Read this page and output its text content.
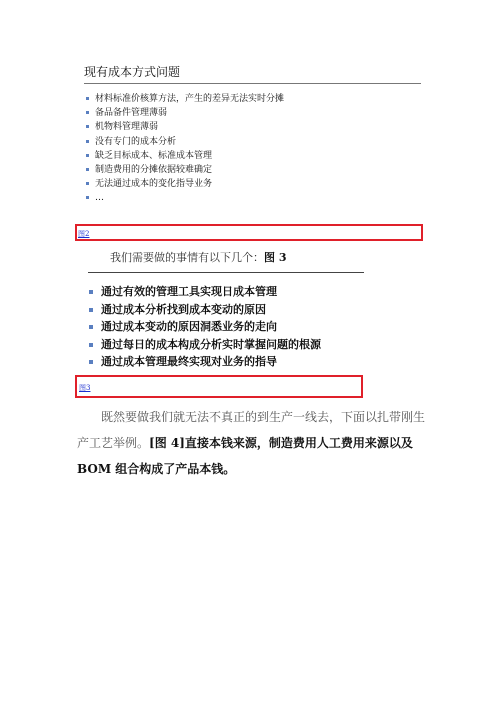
现有成本方式问题
材料标准价核算方法，产生的差异无法实时分摊
备品备件管理薄弱
机物料管理薄弱
没有专门的成本分析
缺乏目标成本、标准成本管理
制造费用的分摊依据较难确定
无法通过成本的变化指导业务
…
图2
我们需要做的事情有以下几个：图 3
通过有效的管理工具实现日成本管理
通过成本分析找到成本变动的原因
通过成本变动的原因洞悉业务的走向
通过每日的成本构成分析实时掌握问题的根源
通过成本管理最终实现对业务的指导
图3
既然要做我们就无法不真正的到生产一线去，下面以扎带刚生产工艺举例。[图 4]直接本钱来源，制造费用人工费用来源以及 BOM 组合构成了产品本钱。
